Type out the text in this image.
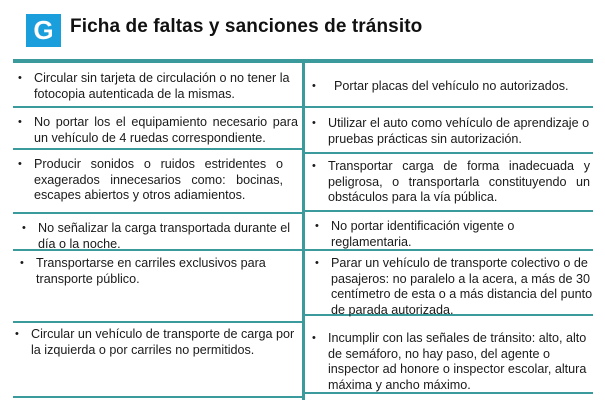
G Ficha de faltas y sanciones de tránsito
• Circular sin tarjeta de circulación o no tener la fotocopia autenticada de la mismas.
• No portar los el equipamiento necesario para un vehículo de 4 ruedas correspondiente.
• Producir sonidos o ruidos estridentes o exagerados innecesarios como: bocinas, escapes abiertos y otros adiamientos.
• No señalizar la carga transportada durante el día o la noche.
• Transportarse en carriles exclusivos para transporte público.
• Circular un vehículo de transporte de carga por la izquierda o por carriles no permitidos.
•	Portar placas del vehículo no autorizados.
• Utilizar el auto como vehículo de aprendizaje o pruebas prácticas sin autorización.
• Transportar carga de forma inadecuada y peligrosa, o transportarla constituyendo un obstáculos para la vía pública.
• No portar identificación vigente o reglamentaria.
• Parar un vehículo de transporte colectivo o de pasajeros: no paralelo a la acera, a más de 30 centímetro de esta o a más distancia del punto de parada autorizada.
• Incumplir con las señales de tránsito: alto, alto de semáforo, no hay paso, del agente o inspector ad honore o inspector escolar, altura máxima y ancho máximo.
